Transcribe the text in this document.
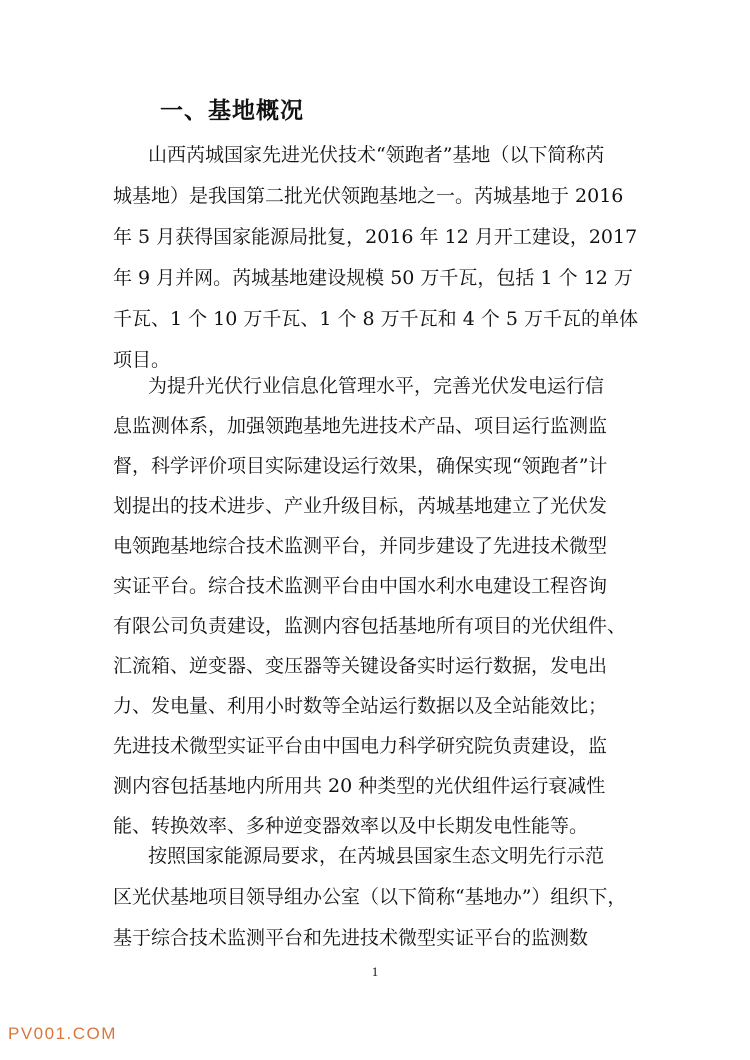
一、基地概况

山西芮城国家先进光伏技术“领跑者”基地（以下简称芮

城基地）是我国第二批光伏领跑基地之一。芮城基地于 2016

年 5 月获得国家能源局批复，2016 年 12 月开工建设，2017

年 9 月并网。芮城基地建设规模 50 万千瓦，包括 1 个 12 万

千瓦、1 个 10 万千瓦、1 个 8 万千瓦和 4 个 5 万千瓦的单体

项目。

为提升光伏行业信息化管理水平，完善光伏发电运行信

息监测体系，加强领跑基地先进技术产品、项目运行监测监

督，科学评价项目实际建设运行效果，确保实现“领跑者”计

划提出的技术进步、产业升级目标，芮城基地建立了光伏发

电领跑基地综合技术监测平台，并同步建设了先进技术微型

实证平台。综合技术监测平台由中国水利水电建设工程咨询

有限公司负责建设，监测内容包括基地所有项目的光伏组件、

汇流箱、逆变器、变压器等关键设备实时运行数据，发电出

力、发电量、利用小时数等全站运行数据以及全站能效比；

先进技术微型实证平台由中国电力科学研究院负责建设，监

测内容包括基地内所用共 20 种类型的光伏组件运行衰减性

能、转换效率、多种逆变器效率以及中长期发电性能等。

按照国家能源局要求，在芮城县国家生态文明先行示范

区光伏基地项目领导组办公室（以下简称“基地办”）组织下，

基于综合技术监测平台和先进技术微型实证平台的监测数

1
PV001.COM
